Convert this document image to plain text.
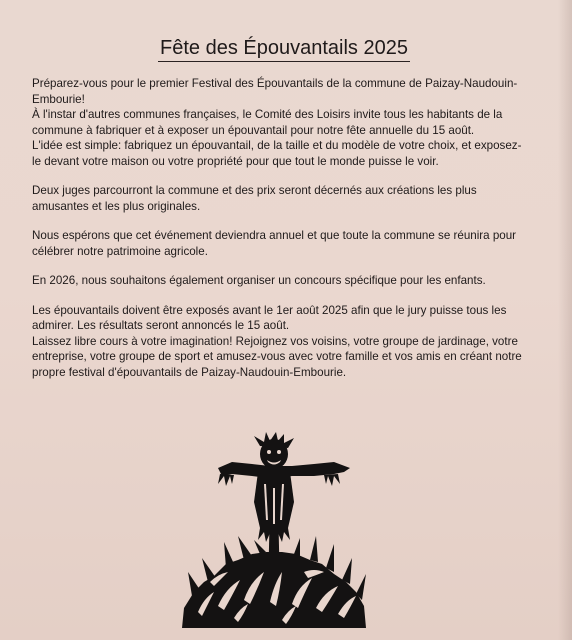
Fête des Épouvantails 2025

Préparez-vous pour le premier Festival des Épouvantails de la commune de Paizay-Naudouin-Embourie!

À l'instar d'autres communes françaises, le Comité des Loisirs invite tous les habitants de la commune à fabriquer et à exposer un épouvantail pour notre fête annuelle du 15 août.

L'idée est simple: fabriquez un épouvantail, de la taille et du modèle de votre choix, et exposez-le devant votre maison ou votre propriété pour que tout le monde puisse le voir.

Deux juges parcourront la commune et des prix seront décernés aux créations les plus amusantes et les plus originales.

Nous espérons que cet événement deviendra annuel et que toute la commune se réunira pour célébrer notre patrimoine agricole.

En 2026, nous souhaitons également organiser un concours spécifique pour les enfants.

Les épouvantails doivent être exposés avant le 1er août 2025 afin que le jury puisse tous les admirer. Les résultats seront annoncés le 15 août.

Laissez libre cours à votre imagination! Rejoignez vos voisins, votre groupe de jardinage, votre entreprise, votre groupe de sport et amusez-vous avec votre famille et vos amis en créant notre propre festival d'épouvantails de Paizay-Naudouin-Embourie.
